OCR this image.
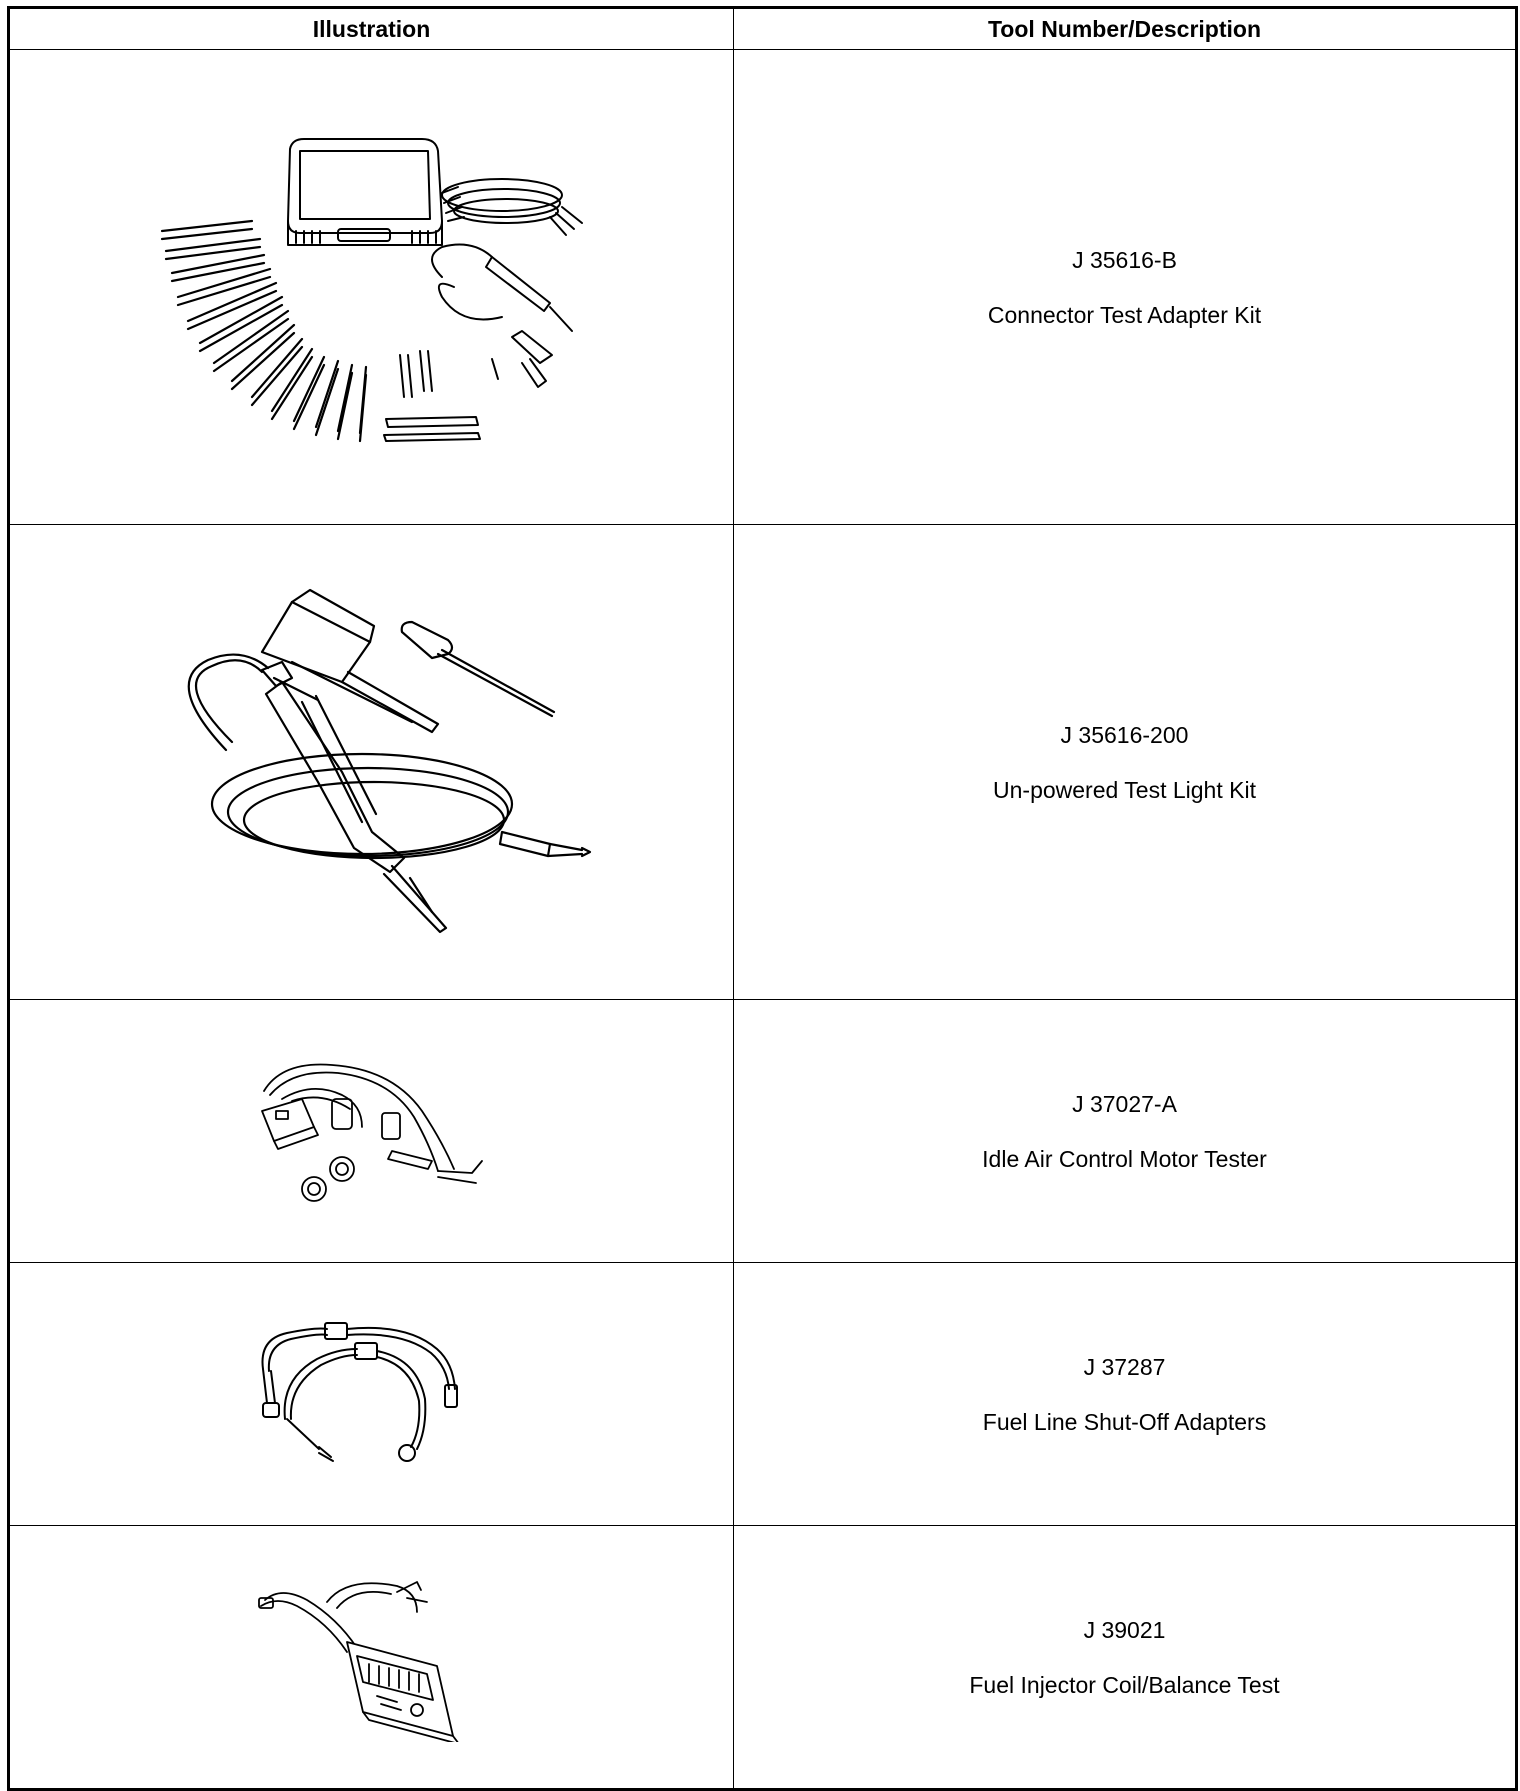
Illustration	Tool Number/Description

J 35616-B
Connector Test Adapter Kit

J 35616-200
Un-powered Test Light Kit

J 37027-A
Idle Air Control Motor Tester

J 37287
Fuel Line Shut-Off Adapters

J 39021
Fuel Injector Coil/Balance Test
